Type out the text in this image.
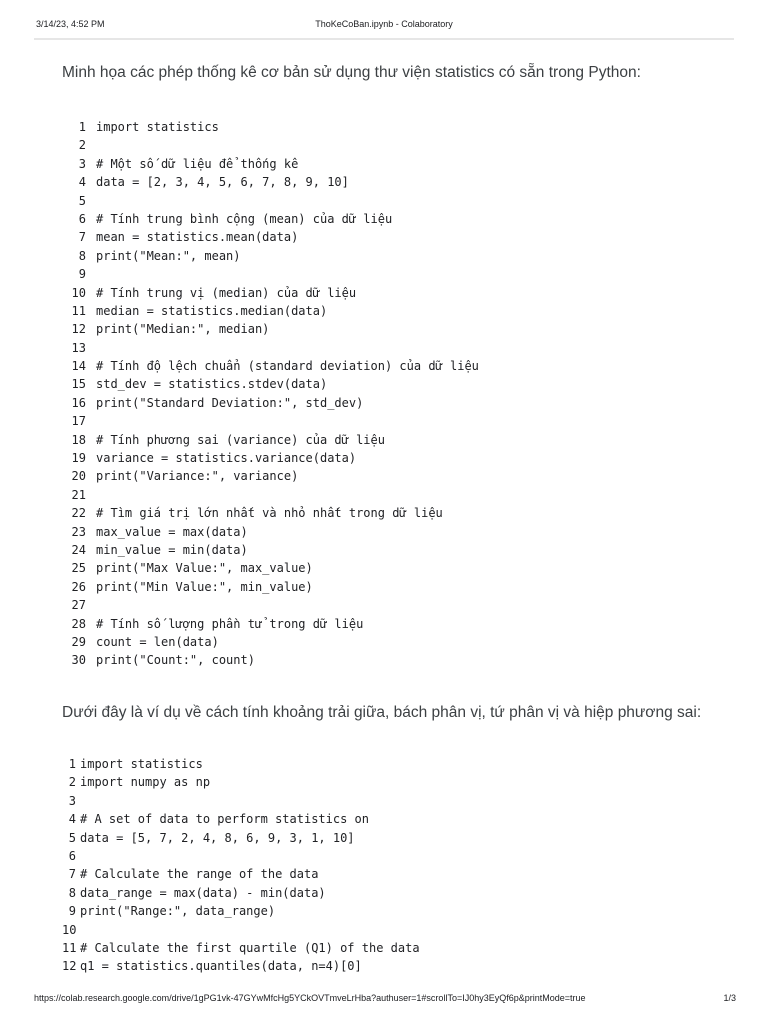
3/14/23, 4:52 PM	ThoKeCoBan.ipynb - Colaboratory
Minh họa các phép thống kê cơ bản sử dụng thư viện statistics có sẵn trong Python:
1 import statistics
2
3 # Một số dữ liệu để thống kê
4 data = [2, 3, 4, 5, 6, 7, 8, 9, 10]
5
6 # Tính trung bình cộng (mean) của dữ liệu
7 mean = statistics.mean(data)
8 print("Mean:", mean)
9
10 # Tính trung vị (median) của dữ liệu
11 median = statistics.median(data)
12 print("Median:", median)
13
14 # Tính độ lệch chuẩn (standard deviation) của dữ liệu
15 std_dev = statistics.stdev(data)
16 print("Standard Deviation:", std_dev)
17
18 # Tính phương sai (variance) của dữ liệu
19 variance = statistics.variance(data)
20 print("Variance:", variance)
21
22 # Tìm giá trị lớn nhất và nhỏ nhất trong dữ liệu
23 max_value = max(data)
24 min_value = min(data)
25 print("Max Value:", max_value)
26 print("Min Value:", min_value)
27
28 # Tính số lượng phần tử trong dữ liệu
29 count = len(data)
30 print("Count:", count)
Dưới đây là ví dụ về cách tính khoảng trải giữa, bách phân vị, tứ phân vị và hiệp phương sai:
1 import statistics
2 import numpy as np
3
4 # A set of data to perform statistics on
5 data = [5, 7, 2, 4, 8, 6, 9, 3, 1, 10]
6
7 # Calculate the range of the data
8 data_range = max(data) - min(data)
9 print("Range:", data_range)
10
11 # Calculate the first quartile (Q1) of the data
12 q1 = statistics.quantiles(data, n=4)[0]
https://colab.research.google.com/drive/1gPG1vk-47GYwMfcHg5YCkOVTmveLrHba?authuser=1#scrollTo=IJ0hy3EyQf6p&printMode=true	1/3
